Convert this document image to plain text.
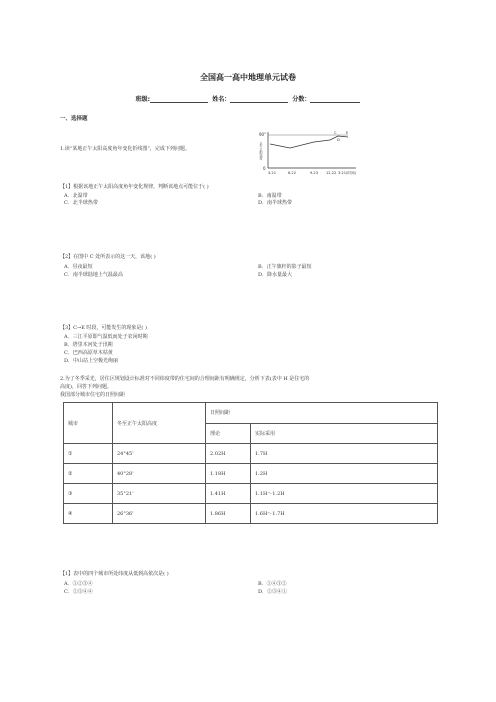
全国高一高中地理单元试卷
班级:	姓名：	分数：
一、选择题
1.读“某地正午太阳高度角年变化折线图”，完成下列问题。
90°
0
正午太阳高度
3.21	6.22	9.23 12.22 3.21(时间)
C	E
D
【1】根据该地正午太阳高度角年变化规律，判断该地点可能位于( )
A．北温带	B．南温带
C．北半球热带	D．南半球热带
【2】在图中 C 处所表示的这一天，该地( )
A．昼夜最短	B．正午旗杆的影子最短
C．南半球陆地上气温最高	D．降水量最大
【3】C→E 时段，可能发生的现象是( )
A．三江平原即气温低而处于农闲时期
B．塔里木河处于汛期
C．巴西高原草木枯黄
D．中山站上空极光绚丽
2.为了冬季采光，居住区规划设计标准对不同纬度带的住宅间的合理间距有明确规定，分析下表(表中 H 是住宅的
高度)，回答下列问题。
我国部分城市住宅的日照间距
城市	冬至正午太阳高度	日照间距	
		理论	实际采用
①	24°45'	2.02H	1.7H
②	40°28'	1.18H	1.2H
③	35°21'	1.41H	1.1H～1.2H
④	26°36'	1.86H	1.6H～1.7H
【1】表中的四个城市所处纬度从低到高依次是( )
A．①②③④	B．①④③②
C．②③④④	D．②③④①
